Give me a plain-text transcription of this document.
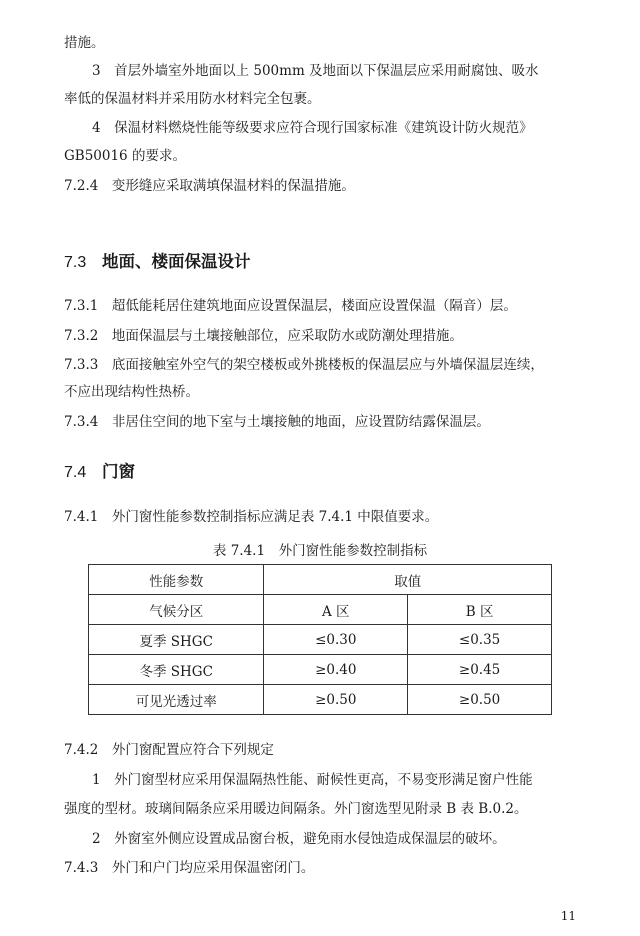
措施。
3　首层外墙室外地面以上 500mm 及地面以下保温层应采用耐腐蚀、吸水
率低的保温材料并采用防水材料完全包裹。
4　保温材料燃烧性能等级要求应符合现行国家标准《建筑设计防火规范》
GB50016 的要求。
7.2.4　变形缝应采取满填保温材料的保温措施。
7.3 地面、楼面保温设计
7.3.1　超低能耗居住建筑地面应设置保温层，楼面应设置保温（隔音）层。
7.3.2　地面保温层与土壤接触部位，应采取防水或防潮处理措施。
7.3.3　底面接触室外空气的架空楼板或外挑楼板的保温层应与外墙保温层连续，
不应出现结构性热桥。
7.3.4　非居住空间的地下室与土壤接触的地面，应设置防结露保温层。
7.4 门窗
7.4.1　外门窗性能参数控制指标应满足表 7.4.1 中限值要求。
表 7.4.1　外门窗性能参数控制指标
性能参数	取值	
气候分区	A 区	B 区
夏季 SHGC	≤0.30	≤0.35
冬季 SHGC	≥0.40	≥0.45
可见光透过率	≥0.50	≥0.50
7.4.2　外门窗配置应符合下列规定
1　外门窗型材应采用保温隔热性能、耐候性更高，不易变形满足窗户性能
强度的型材。玻璃间隔条应采用暖边间隔条。外门窗选型见附录 B 表 B.0.2。
2　外窗室外侧应设置成品窗台板，避免雨水侵蚀造成保温层的破坏。
7.4.3　外门和户门均应采用保温密闭门。
11
